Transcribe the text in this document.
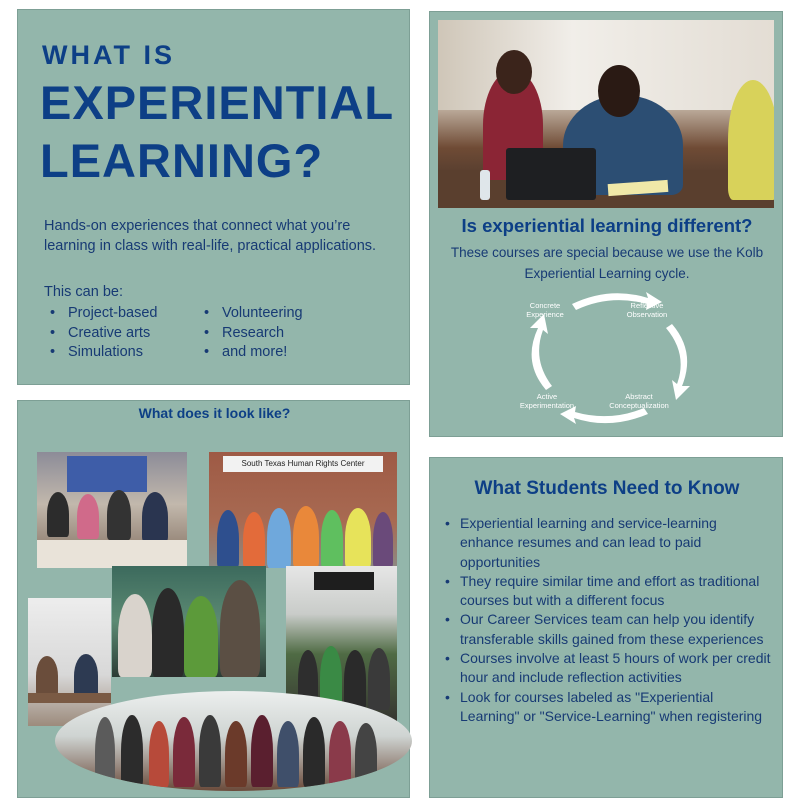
WHAT IS
EXPERIENTIAL
LEARNING?
Hands-on experiences that connect what you’re learning in class with real-life, practical applications.
This can be:
• Project-based
• Creative arts
• Simulations
• Volunteering
• Research
• and more!
Is experiential learning different?
These courses are special because we use the Kolb Experiential Learning cycle.
Concrete Experience
Reflective Observation
Abstract Conceptualization
Active Experimentation
What does it look like?
South Texas Human Rights Center
What Students Need to Know
• Experiential learning and service-learning enhance resumes and can lead to paid opportunities
• They require similar time and effort as traditional courses but with a different focus
• Our Career Services team can help you identify transferable skills gained from these experiences
• Courses involve at least 5 hours of work per credit hour and include reflection activities
• Look for courses labeled as "Experiential Learning" or "Service-Learning" when registering
